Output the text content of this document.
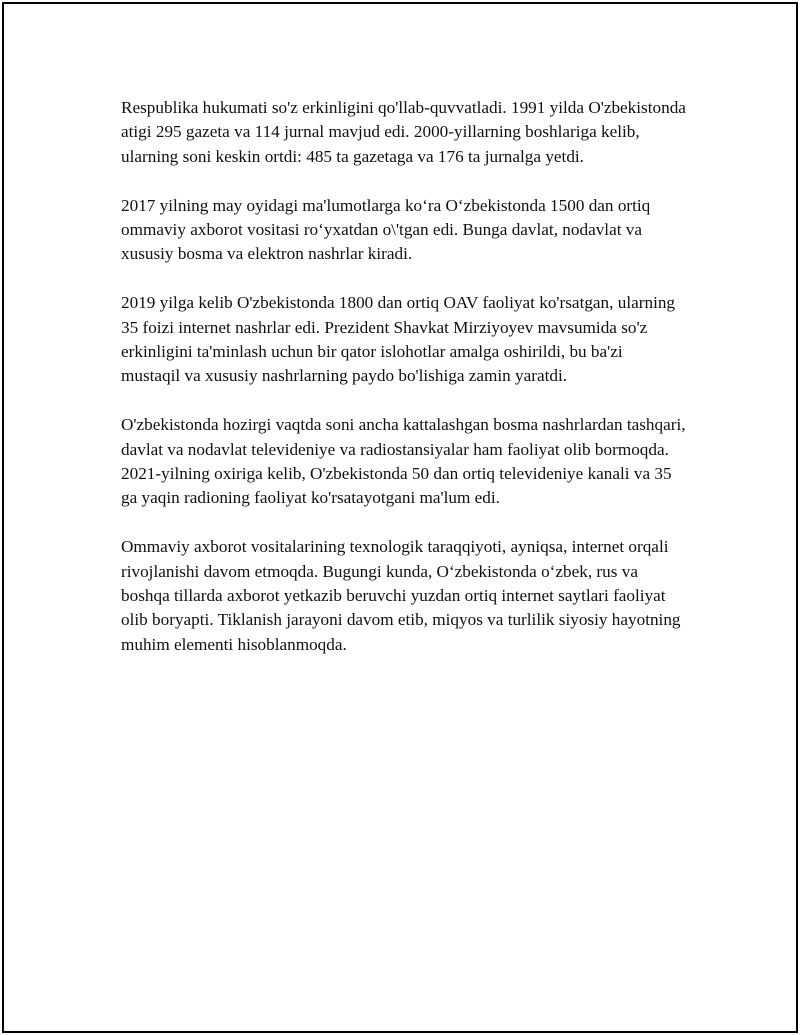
Respublika hukumati so'z erkinligini qo'llab-quvvatladi. 1991 yilda O'zbekistonda atigi 295 gazeta va 114 jurnal mavjud edi. 2000-yillarning boshlariga kelib, ularning soni keskin ortdi: 485 ta gazetaga va 176 ta jurnalga yetdi.

2017 yilning may oyidagi ma'lumotlarga koʻra Oʻzbekistonda 1500 dan ortiq ommaviy axborot vositasi roʻyxatdan o\'tgan edi. Bunga davlat, nodavlat va xususiy bosma va elektron nashrlar kiradi.

2019 yilga kelib O'zbekistonda 1800 dan ortiq OAV faoliyat ko'rsatgan, ularning 35 foizi internet nashrlar edi. Prezident Shavkat Mirziyoyev mavsumida so'z erkinligini ta'minlash uchun bir qator islohotlar amalga oshirildi, bu ba'zi mustaqil va xususiy nashrlarning paydo bo'lishiga zamin yaratdi.

O'zbekistonda hozirgi vaqtda soni ancha kattalashgan bosma nashrlardan tashqari, davlat va nodavlat televideniye va radiostansiyalar ham faoliyat olib bormoqda. 2021-yilning oxiriga kelib, O'zbekistonda 50 dan ortiq televideniye kanali va 35 ga yaqin radioning faoliyat ko'rsatayotgani ma'lum edi.

Ommaviy axborot vositalarining texnologik taraqqiyoti, ayniqsa, internet orqali rivojlanishi davom etmoqda. Bugungi kunda, Oʻzbekistonda oʻzbek, rus va boshqa tillarda axborot yetkazib beruvchi yuzdan ortiq internet saytlari faoliyat olib boryapti. Tiklanish jarayoni davom etib, miqyos va turlilik siyosiy hayotning muhim elementi hisoblanmoqda.
